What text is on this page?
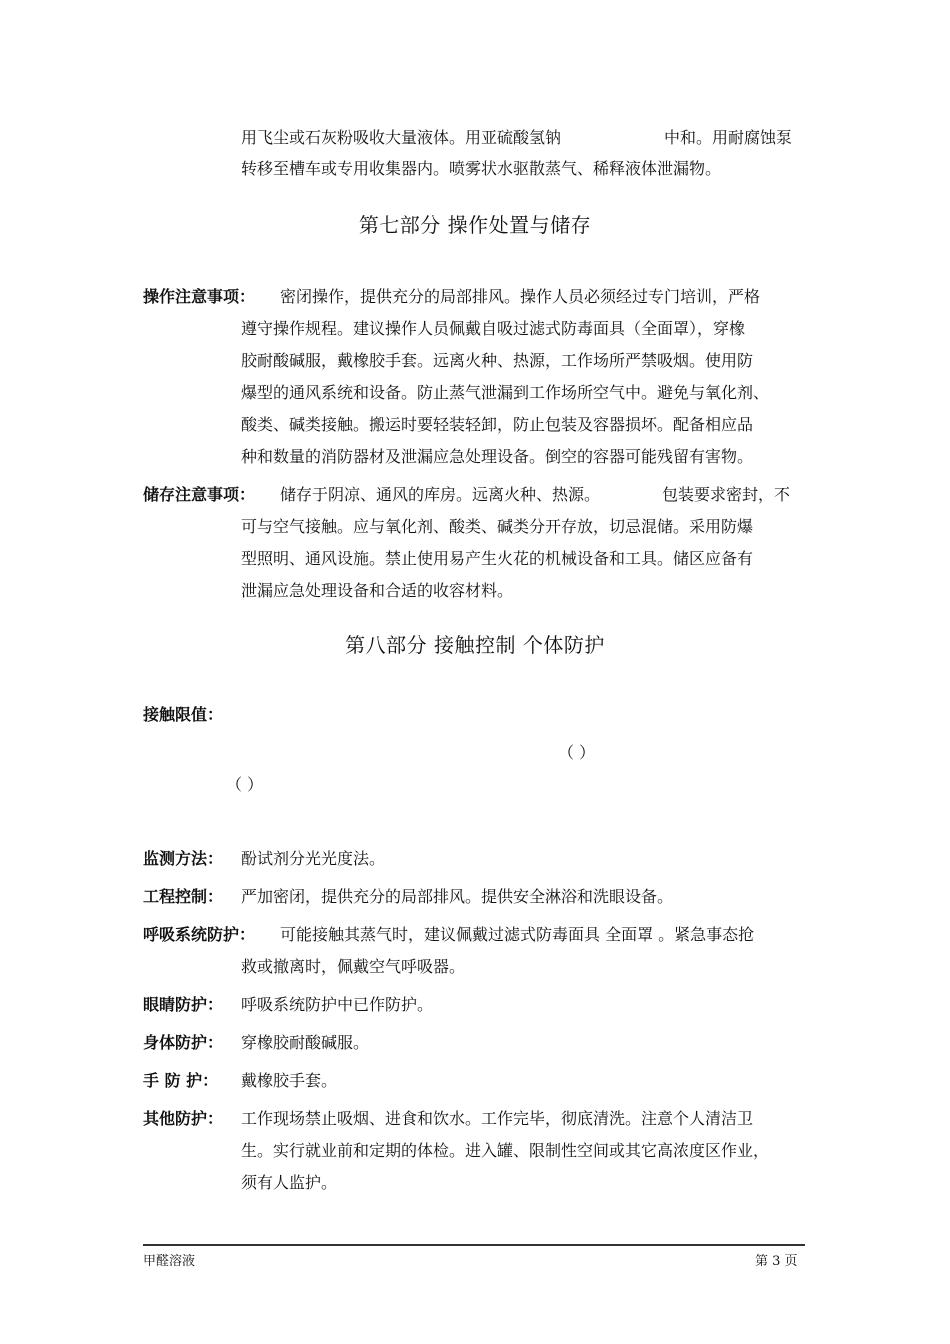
用飞尘或石灰粉吸收大量液体。用亚硫酸氢钠	中和。用耐腐蚀泵
转移至槽车或专用收集器内。喷雾状水驱散蒸气、稀释液体泄漏物。
第七部分 操作处置与储存
操作注意事项： 密闭操作，提供充分的局部排风。操作人员必须经过专门培训，严格
遵守操作规程。建议操作人员佩戴自吸过滤式防毒面具（全面罩），穿橡
胶耐酸碱服，戴橡胶手套。远离火种、热源，工作场所严禁吸烟。使用防
爆型的通风系统和设备。防止蒸气泄漏到工作场所空气中。避免与氧化剂、
酸类、碱类接触。搬运时要轻装轻卸，防止包装及容器损坏。配备相应品
种和数量的消防器材及泄漏应急处理设备。倒空的容器可能残留有害物。
储存注意事项： 储存于阴凉、通风的库房。远离火种、热源。	包装要求密封，不
可与空气接触。应与氧化剂、酸类、碱类分开存放，切忌混储。采用防爆
型照明、通风设施。禁止使用易产生火花的机械设备和工具。储区应备有
泄漏应急处理设备和合适的收容材料。
第八部分 接触控制 个体防护
接触限值：
（ ）
（ ）
监测方法： 酚试剂分光光度法。
工程控制： 严加密闭，提供充分的局部排风。提供安全淋浴和洗眼设备。
呼吸系统防护： 可能接触其蒸气时，建议佩戴过滤式防毒面具 全面罩 。紧急事态抢
救或撤离时，佩戴空气呼吸器。
眼睛防护： 呼吸系统防护中已作防护。
身体防护： 穿橡胶耐酸碱服。
手 防 护： 戴橡胶手套。
其他防护： 工作现场禁止吸烟、进食和饮水。工作完毕，彻底清洗。注意个人清洁卫
生。实行就业前和定期的体检。进入罐、限制性空间或其它高浓度区作业，
须有人监护。
甲醛溶液	第 3 页
